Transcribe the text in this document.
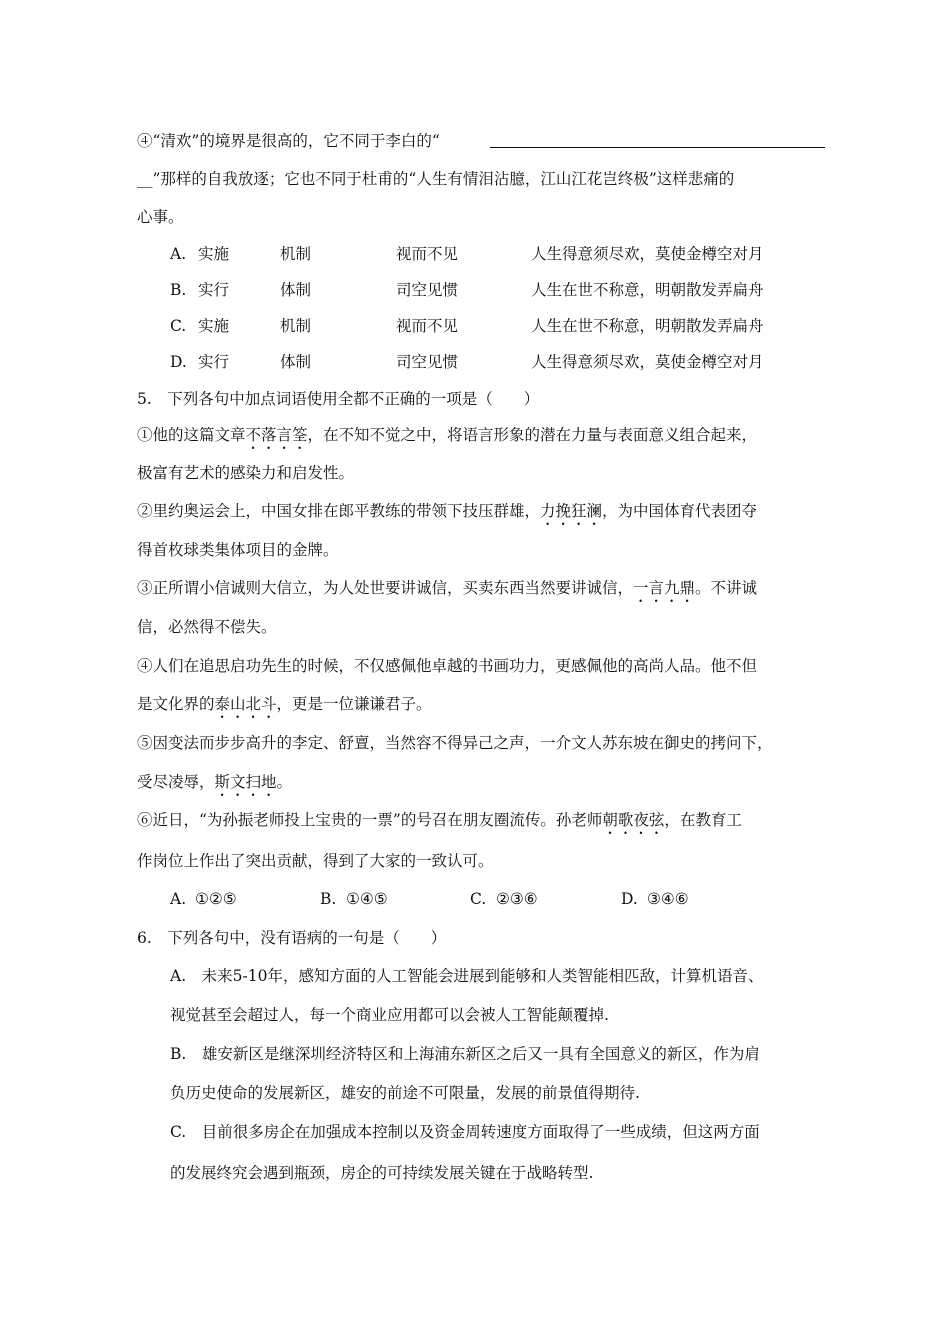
④“清欢”的境界是很高的，它不同于李白的“
__”那样的自我放逐；它也不同于杜甫的“人生有情泪沾臆，江山江花岂终极”这样悲痛的
心事。
A. 实施	机制	视而不见	人生得意须尽欢，莫使金樽空对月
B. 实行	体制	司空见惯	人生在世不称意，明朝散发弄扁舟
C. 实施	机制	视而不见	人生在世不称意，明朝散发弄扁舟
D. 实行	体制	司空见惯	人生得意须尽欢，莫使金樽空对月
5.　下列各句中加点词语使用全都不正确的一项是（　　）
①他的这篇文章不落言筌，在不知不觉之中，将语言形象的潜在力量与表面意义组合起来，
极富有艺术的感染力和启发性。
②里约奥运会上，中国女排在郎平教练的带领下技压群雄，力挽狂澜，为中国体育代表团夺
得首枚球类集体项目的金牌。
③正所谓小信诚则大信立，为人处世要讲诚信，买卖东西当然要讲诚信，一言九鼎。不讲诚
信，必然得不偿失。
④人们在追思启功先生的时候，不仅感佩他卓越的书画功力，更感佩他的高尚人品。他不但
是文化界的泰山北斗，更是一位谦谦君子。
⑤因变法而步步高升的李定、舒亶，当然容不得异己之声，一介文人苏东坡在御史的拷问下，
受尽凌辱，斯文扫地。
⑥近日，“为孙振老师投上宝贵的一票”的号召在朋友圈流传。孙老师朝歌夜弦，在教育工
作岗位上作出了突出贡献，得到了大家的一致认可。
A. ①②⑤	B. ①④⑤	C. ②③⑥	D. ③④⑥
6.　下列各句中，没有语病的一句是（　　）
A.　未来5-10年，感知方面的人工智能会进展到能够和人类智能相匹敌，计算机语音、
视觉甚至会超过人，每一个商业应用都可以会被人工智能颠覆掉.
B.　雄安新区是继深圳经济特区和上海浦东新区之后又一具有全国意义的新区，作为肩
负历史使命的发展新区，雄安的前途不可限量，发展的前景值得期待.
C.　目前很多房企在加强成本控制以及资金周转速度方面取得了一些成绩，但这两方面
的发展终究会遇到瓶颈，房企的可持续发展关键在于战略转型.
